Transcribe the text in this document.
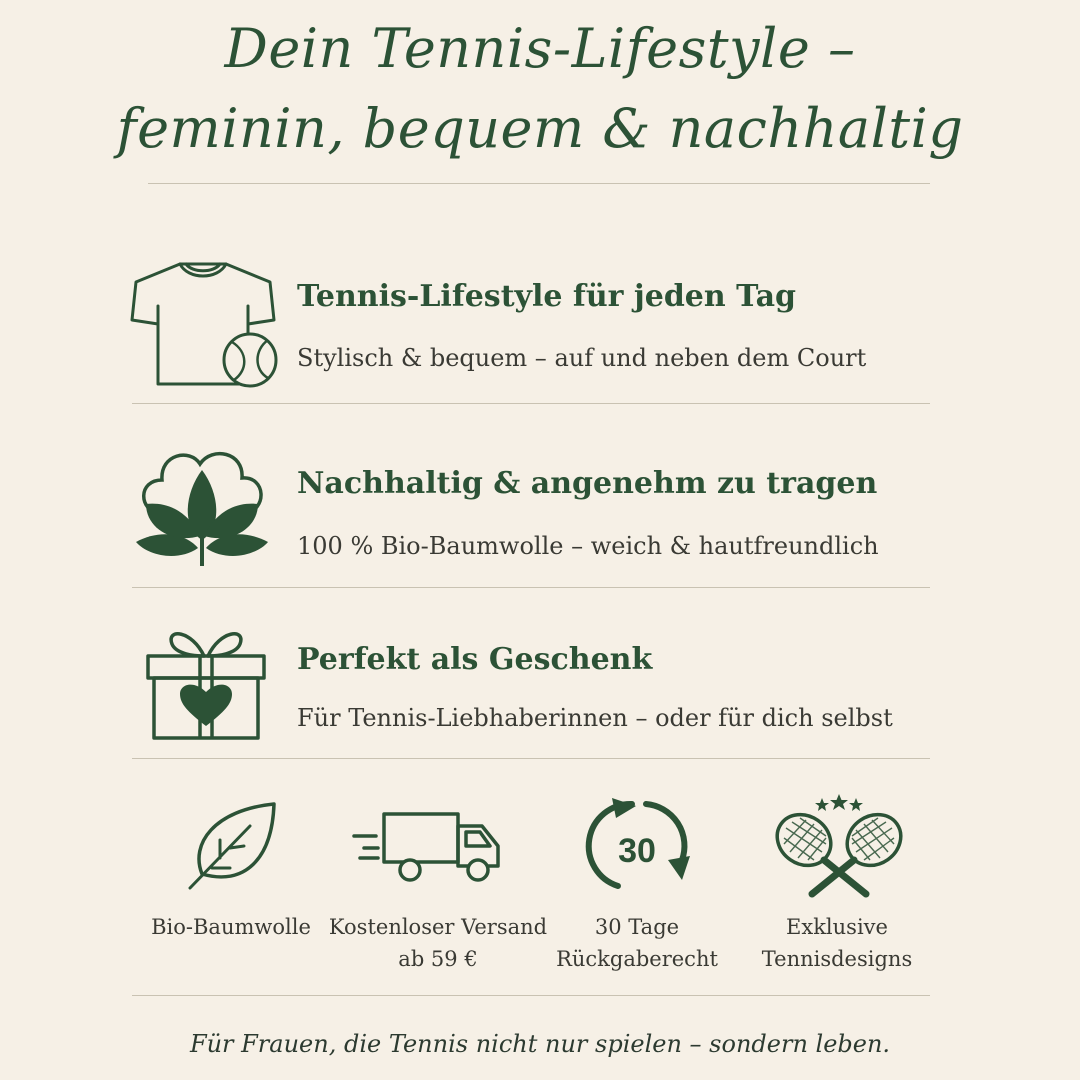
Dein Tennis-Lifestyle –
feminin, bequem & nachhaltig
Tennis-Lifestyle für jeden Tag
Stylisch & bequem – auf und neben dem Court
Nachhaltig & angenehm zu tragen
100 % Bio-Baumwolle – weich & hautfreundlich
Perfekt als Geschenk
Für Tennis-Liebhaberinnen – oder für dich selbst
Bio-Baumwolle Kostenloser Versand
ab 59 €
30
30 Tage
Rückgaberecht
Exklusive
Tennisdesigns
Für Frauen, die Tennis nicht nur spielen – sondern leben.
